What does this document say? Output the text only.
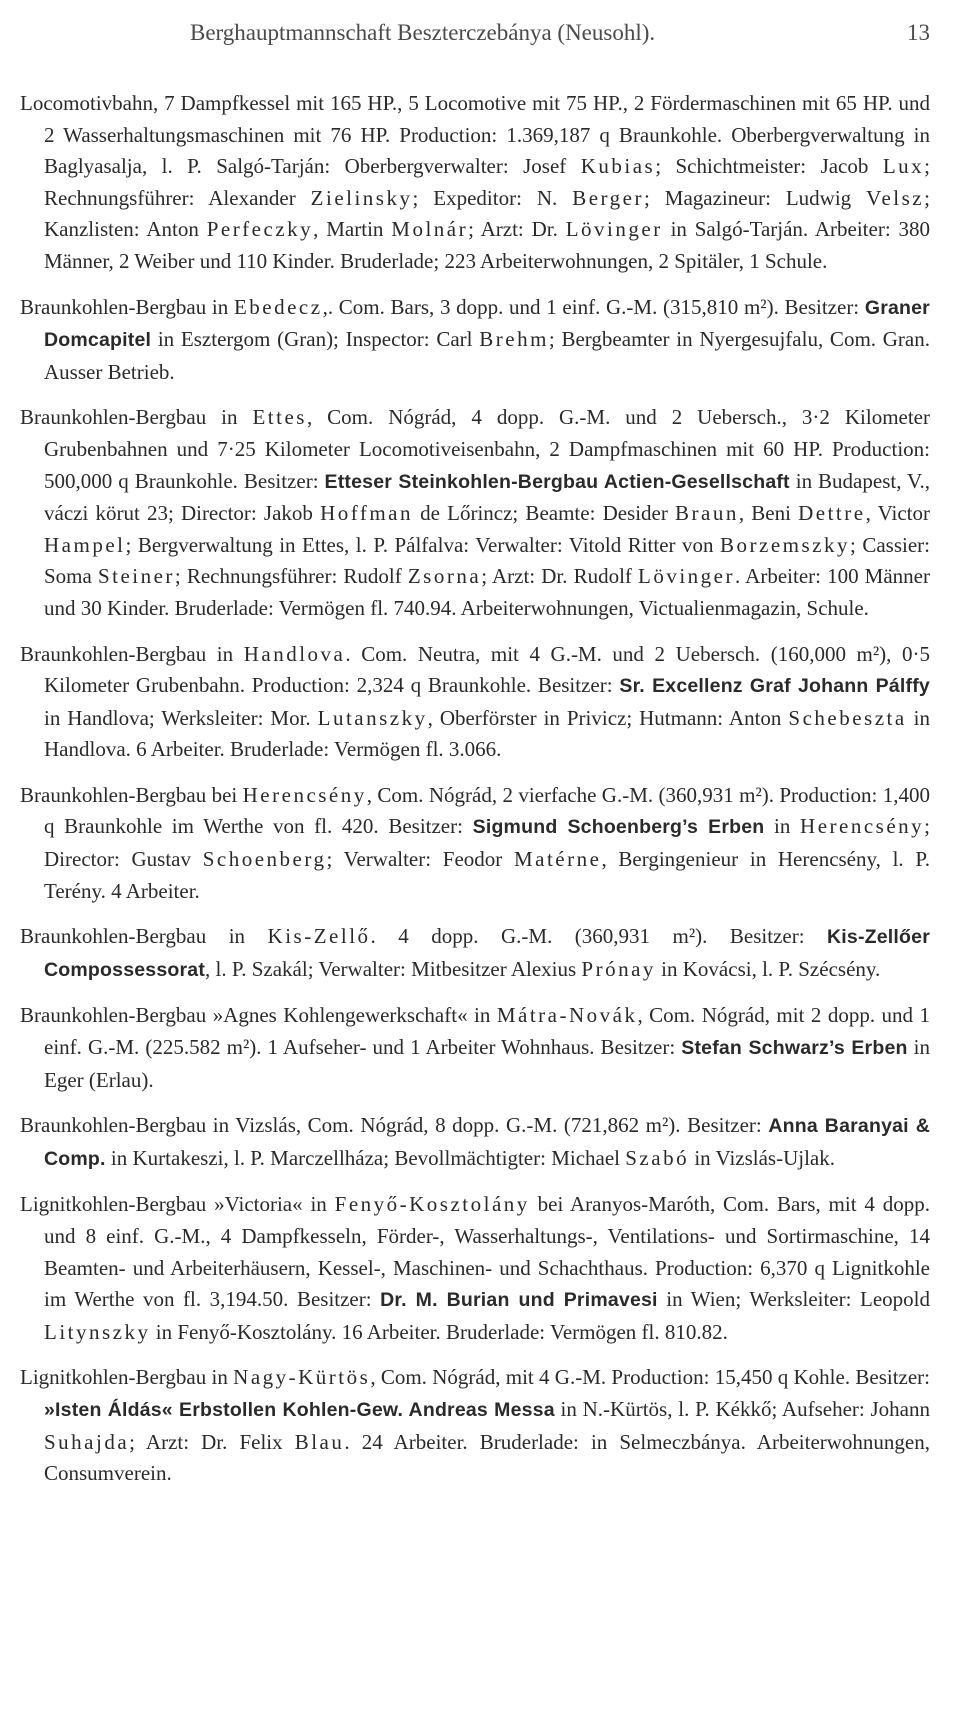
Berghauptmannschaft Beszterczebánya (Neusohl).	13

Locomotivbahn, 7 Dampfkessel mit 165 HP., 5 Locomotive mit 75 HP., 2 Fördermaschinen mit 65 HP. und 2 Wasserhaltungsmaschinen mit 76 HP. Production: 1.369,187 q Braunkohle. Oberbergverwaltung in Baglyasalja, l. P. Salgó-Tarján: Oberbergverwalter: Josef Kubias; Schichtmeister: Jacob Lux; Rechnungsführer: Alexander Zielinsky; Expeditor: N. Berger; Magazineur: Ludwig Velsz; Kanzlisten: Anton Perfeczky, Martin Molnár; Arzt: Dr. Lövinger in Salgó-Tarján. Arbeiter: 380 Männer, 2 Weiber und 110 Kinder. Bruderlade; 223 Arbeiterwohnungen, 2 Spitäler, 1 Schule.

Braunkohlen-Bergbau in Ebedecz,. Com. Bars, 3 dopp. und 1 einf. G.-M. (315,810 m²). Besitzer: Graner Domcapitel in Esztergom (Gran); Inspector: Carl Brehm; Bergbeamter in Nyergesujfalu, Com. Gran. Ausser Betrieb.

Braunkohlen-Bergbau in Ettes, Com. Nógrád, 4 dopp. G.-M. und 2 Uebersch., 3·2 Kilometer Grubenbahnen und 7·25 Kilometer Locomotiveisenbahn, 2 Dampfmaschinen mit 60 HP. Production: 500,000 q Braunkohle. Besitzer: Etteser Steinkohlen-Bergbau Actien-Gesellschaft in Budapest, V., váczi körut 23; Director: Jakob Hoffman de Lőrincz; Beamte: Desider Braun, Beni Dettre, Victor Hampel; Bergverwaltung in Ettes, l. P. Pálfalva: Verwalter: Vitold Ritter von Borzemszky; Cassier: Soma Steiner; Rechnungsführer: Rudolf Zsorna; Arzt: Dr. Rudolf Lövinger. Arbeiter: 100 Männer und 30 Kinder. Bruderlade: Vermögen fl. 740.94. Arbeiterwohnungen, Victualienmagazin, Schule.

Braunkohlen-Bergbau in Handlova. Com. Neutra, mit 4 G.-M. und 2 Uebersch. (160,000 m²), 0·5 Kilometer Grubenbahn. Production: 2,324 q Braunkohle. Besitzer: Sr. Excellenz Graf Johann Pálffy in Handlova; Werksleiter: Mor. Lutanszky, Oberförster in Privicz; Hutmann: Anton Schebeszta in Handlova. 6 Arbeiter. Bruderlade: Vermögen fl. 3.066.

Braunkohlen-Bergbau bei Herencsény, Com. Nógrád, 2 vierfache G.-M. (360,931 m²). Production: 1,400 q Braunkohle im Werthe von fl. 420. Besitzer: Sigmund Schoenberg’s Erben in Herencsény; Director: Gustav Schoenberg; Verwalter: Feodor Matérne, Bergingenieur in Herencsény, l. P. Terény. 4 Arbeiter.

Braunkohlen-Bergbau in Kis-Zellő. 4 dopp. G.-M. (360,931 m²). Besitzer: Kis-Zellőer Compossessorat, l. P. Szakál; Verwalter: Mitbesitzer Alexius Prónay in Kovácsi, l. P. Szécsény.

Braunkohlen-Bergbau »Agnes Kohlengewerkschaft« in Mátra-Novák, Com. Nógrád, mit 2 dopp. und 1 einf. G.-M. (225.582 m²). 1 Aufseher- und 1 Arbeiter Wohnhaus. Besitzer: Stefan Schwarz’s Erben in Eger (Erlau).

Braunkohlen-Bergbau in Vizslás, Com. Nógrád, 8 dopp. G.-M. (721,862 m²). Besitzer: Anna Baranyai & Comp. in Kurtakeszi, l. P. Marczellháza; Bevollmächtigter: Michael Szabó in Vizslás-Ujlak.

Lignitkohlen-Bergbau »Victoria« in Fenyő-Kosztolány bei Aranyos-Maróth, Com. Bars, mit 4 dopp. und 8 einf. G.-M., 4 Dampfkesseln, Förder-, Wasserhaltungs-, Ventilations- und Sortirmaschine, 14 Beamten- und Arbeiterhäusern, Kessel-, Maschinen- und Schachthaus. Production: 6,370 q Lignitkohle im Werthe von fl. 3,194.50. Besitzer: Dr. M. Burian und Primavesi in Wien; Werksleiter: Leopold Litynszky in Fenyő-Kosztolány. 16 Arbeiter. Bruderlade: Vermögen fl. 810.82.

Lignitkohlen-Bergbau in Nagy-Kürtös, Com. Nógrád, mit 4 G.-M. Production: 15,450 q Kohle. Besitzer: »Isten Áldás« Erbstollen Kohlen-Gew. Andreas Messa in N.-Kürtös, l. P. Kékkő; Aufseher: Johann Suhajda; Arzt: Dr. Felix Blau. 24 Arbeiter. Bruderlade: in Selmeczbánya. Arbeiterwohnungen, Consumverein.
